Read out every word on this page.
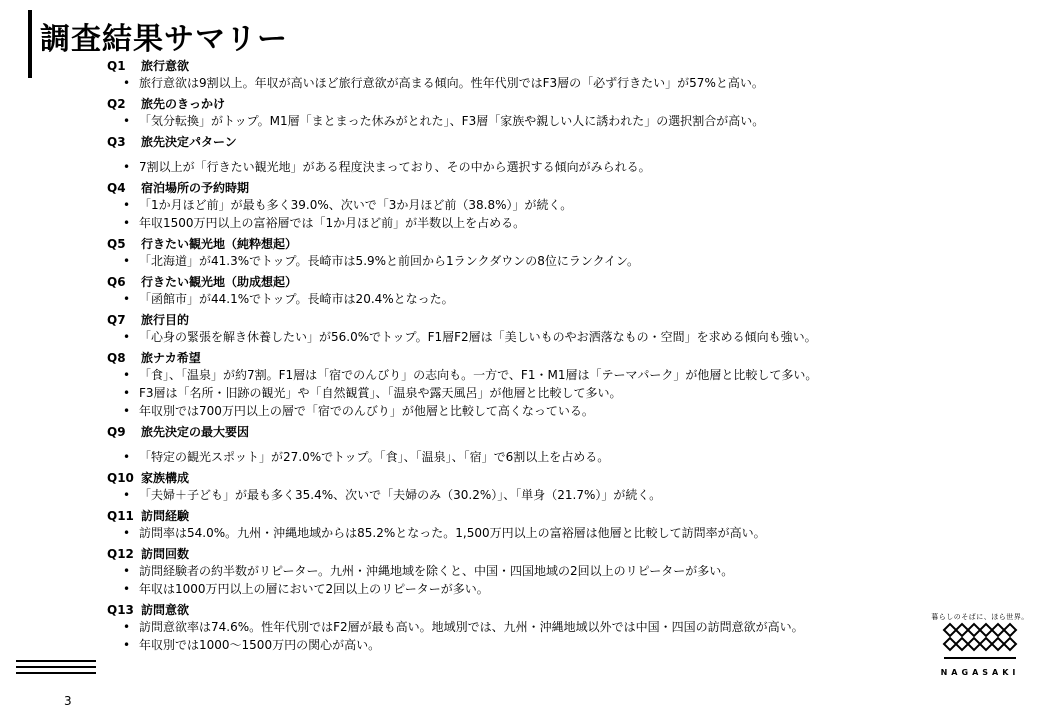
調査結果サマリー
Q1 旅行意欲
• 旅行意欲は9割以上。年収が高いほど旅行意欲が高まる傾向。性年代別ではF3層の「必ず行きたい」が57%と高い。
Q2 旅先のきっかけ
• 「気分転換」がトップ。M1層「まとまった休みがとれた」、F3層「家族や親しい人に誘われた」の選択割合が高い。
Q3 旅先決定パターン
• 7割以上が「行きたい観光地」がある程度決まっており、その中から選択する傾向がみられる。
Q4 宿泊場所の予約時期
• 「1か月ほど前」が最も多く39.0%、次いで「3か月ほど前（38.8%）」が続く。
• 年収1500万円以上の富裕層では「1か月ほど前」が半数以上を占める。
Q5 行きたい観光地（純粋想起）
• 「北海道」が41.3%でトップ。長崎市は5.9%と前回から1ランクダウンの8位にランクイン。
Q6 行きたい観光地（助成想起）
• 「函館市」が44.1%でトップ。長崎市は20.4%となった。
Q7 旅行目的
• 「心身の緊張を解き休養したい」が56.0%でトップ。F1層F2層は「美しいものやお洒落なもの・空間」を求める傾向も強い。
Q8 旅ナカ希望
• 「食」、「温泉」が約7割。F1層は「宿でのんびり」の志向も。一方で、F1・M1層は「テーマパーク」が他層と比較して多い。
• F3層は「名所・旧跡の観光」や「自然観賞」、「温泉や露天風呂」が他層と比較して多い。
• 年収別では700万円以上の層で「宿でのんびり」が他層と比較して高くなっている。
Q9 旅先決定の最大要因
• 「特定の観光スポット」が27.0%でトップ。「食」、「温泉」、「宿」で6割以上を占める。
Q10 家族構成
• 「夫婦＋子ども」が最も多く35.4%、次いで「夫婦のみ（30.2%）」、「単身（21.7%）」が続く。
Q11 訪問経験
• 訪問率は54.0%。九州・沖縄地域からは85.2%となった。1,500万円以上の富裕層は他層と比較して訪問率が高い。
Q12 訪問回数
• 訪問経験者の約半数がリピーター。九州・沖縄地域を除くと、中国・四国地域の2回以上のリピーターが多い。
• 年収は1000万円以上の層において2回以上のリピーターが多い。
Q13 訪問意欲
• 訪問意欲率は74.6%。性年代別ではF2層が最も高い。地域別では、九州・沖縄地域以外では中国・四国の訪問意欲が高い。
• 年収別では1000～1500万円の関心が高い。
暮らしのそばに、ほら世界。
NAGASAKI
3
